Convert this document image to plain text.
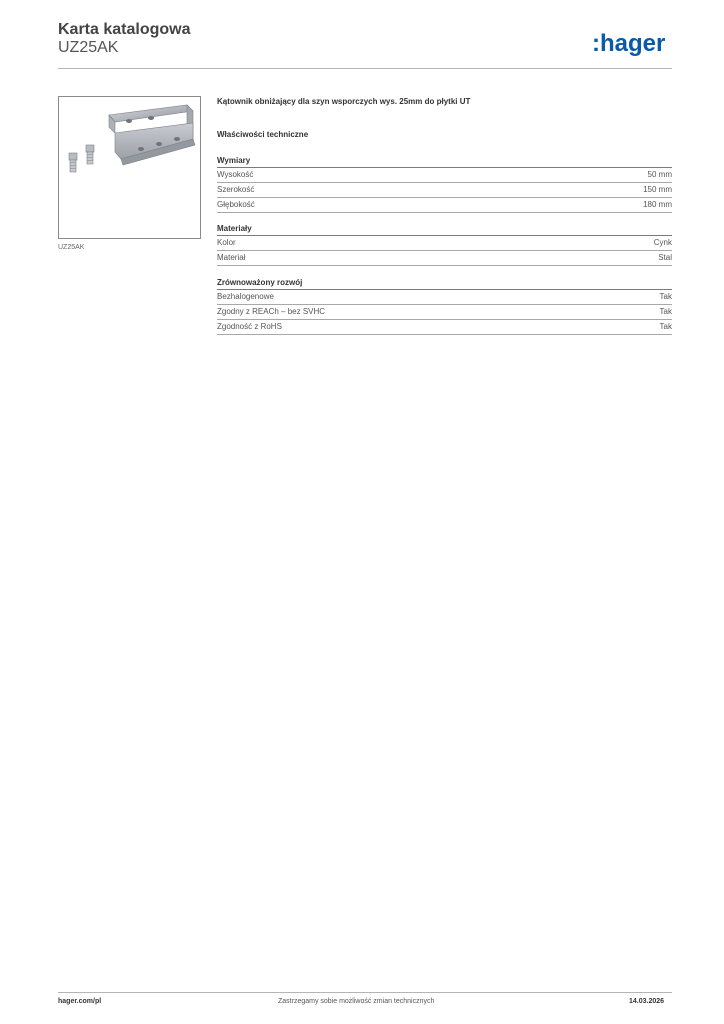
Karta katalogowa
UZ25AK	:hager
UZ25AK
Kątownik obniżający dla szyn wsporczych wys. 25mm do płytki UT
Właściwości techniczne
Wymiary
Wysokość	50 mm
Szerokość	150 mm
Głębokość	180 mm
Materiały
Kolor	Cynk
Materiał	Stal
Zrównoważony rozwój
Bezhalogenowe	Tak
Zgodny z REACh – bez SVHC	Tak
Zgodność z RoHS	Tak
hager.com/pl	Zastrzegamy sobie możliwość zmian technicznych	14.03.2026
